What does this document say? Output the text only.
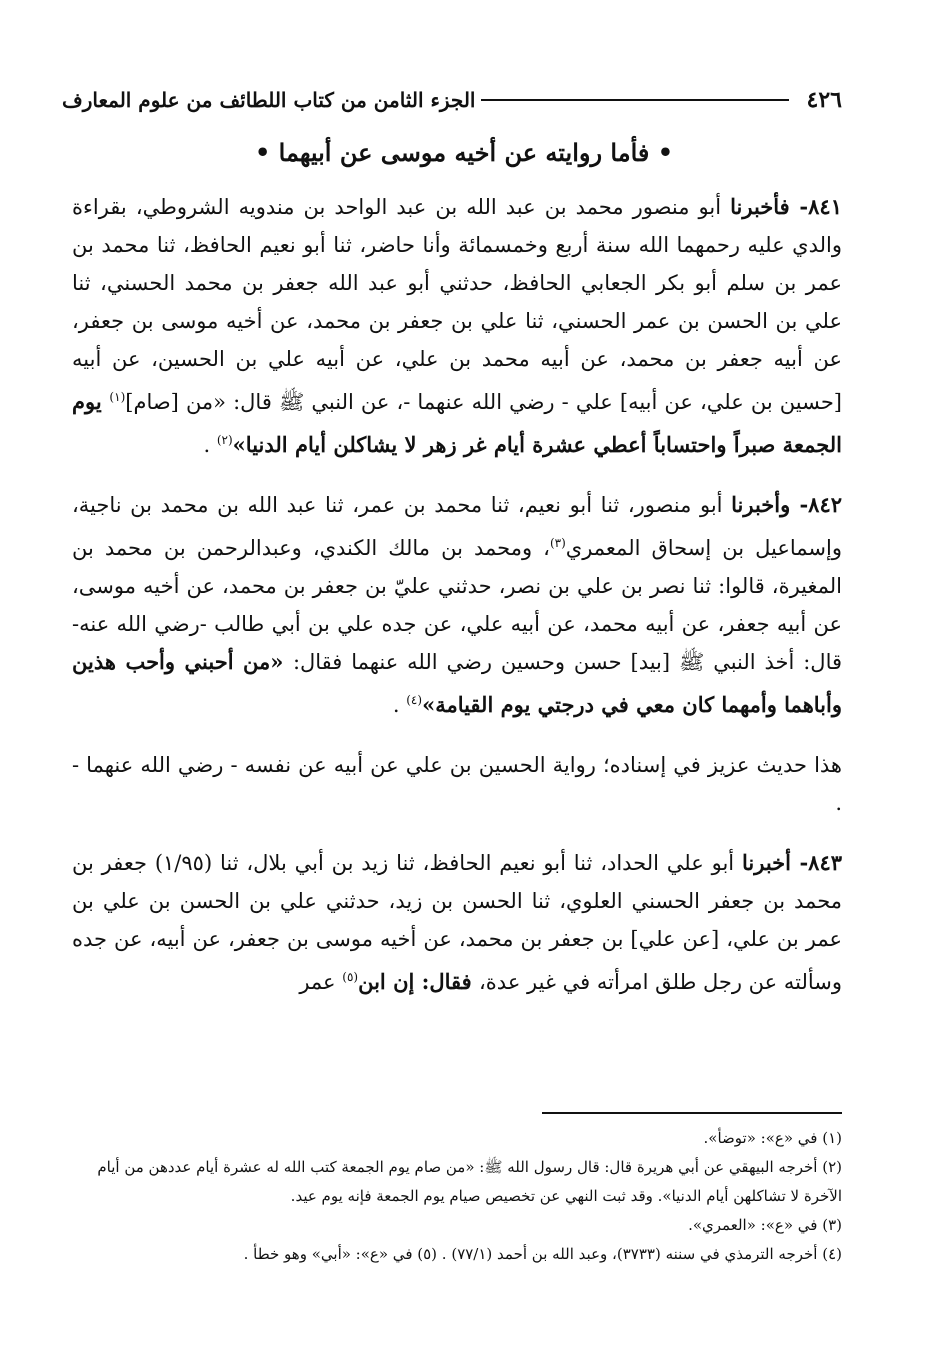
٤٢٦
الجزء الثامن من كتاب اللطائف من علوم المعارف
• فأما روايته عن أخيه موسى عن أبيهما •

٨٤١- فأخبرنا أبو منصور محمد بن عبد الله بن عبد الواحد بن مندويه الشروطي، بقراءة والدي عليه رحمهما الله سنة أربع وخمسمائة وأنا حاضر، ثنا أبو نعيم الحافظ، ثنا محمد بن عمر بن سلم أبو بكر الجعابي الحافظ، حدثني أبو عبد الله جعفر بن محمد الحسني، ثنا علي بن الحسن بن عمر الحسني، ثنا علي بن جعفر بن محمد، عن أخيه موسى بن جعفر، عن أبيه جعفر بن محمد، عن أبيه محمد بن علي، عن أبيه علي بن الحسين، عن أبيه [حسين بن علي، عن أبيه] علي - رضي الله عنهما -، عن النبي ﷺ قال: «من [صام]$^{(١)}$ يوم الجمعة صبراً واحتساباً أعطي عشرة أيام غر زهر لا يشاكلن أيام الدنيا»$^{(٢)}$ .

٨٤٢- وأخبرنا أبو منصور، ثنا أبو نعيم، ثنا محمد بن عمر، ثنا عبد الله بن محمد بن ناجية، وإسماعيل بن إسحاق المعمري$^{(٣)}$، ومحمد بن مالك الكندي، وعبدالرحمن بن محمد بن المغيرة، قالوا: ثنا نصر بن علي بن نصر، حدثني عليّ بن جعفر بن محمد، عن أخيه موسى، عن أبيه جعفر، عن أبيه محمد، عن أبيه علي، عن جده علي بن أبي طالب -رضي الله عنه- قال: أخذ النبي ﷺ [بيد] حسن وحسين رضي الله عنهما فقال: «من أحبني وأحب هذين وأباهما وأمهما كان معي في درجتي يوم القيامة»$^{(٤)}$ .

هذا حديث عزيز في إسناده؛ رواية الحسين بن علي عن أبيه عن نفسه - رضي الله عنهما - .

٨٤٣- أخبرنا أبو علي الحداد، ثنا أبو نعيم الحافظ، ثنا زيد بن أبي بلال، ثنا (١/٩٥) جعفر بن محمد بن جعفر الحسني العلوي، ثنا الحسن بن زيد، حدثني علي بن الحسن بن علي بن عمر بن علي، [عن علي] بن جعفر بن محمد، عن أخيه موسى بن جعفر، عن أبيه، عن جده وسألته عن رجل طلق امرأته في غير عدة، فقال: إن ابن$^{(٥)}$ عمر

(١) في «ع»: «توضأ».

(٢) أخرجه البيهقي عن أبي هريرة قال: قال رسول الله ﷺ: «من صام يوم الجمعة كتب الله له عشرة أيام عددهن من أيام الآخرة لا تشاكلهن أيام الدنيا». وقد ثبت النهي عن تخصيص صيام يوم الجمعة فإنه يوم عيد.

(٣) في «ع»: «العمري».

(٤) أخرجه الترمذي في سننه (٣٧٣٣)، وعبد الله بن أحمد (٧٧/١) . (٥) في «ع»: «أبي» وهو خطأ .
